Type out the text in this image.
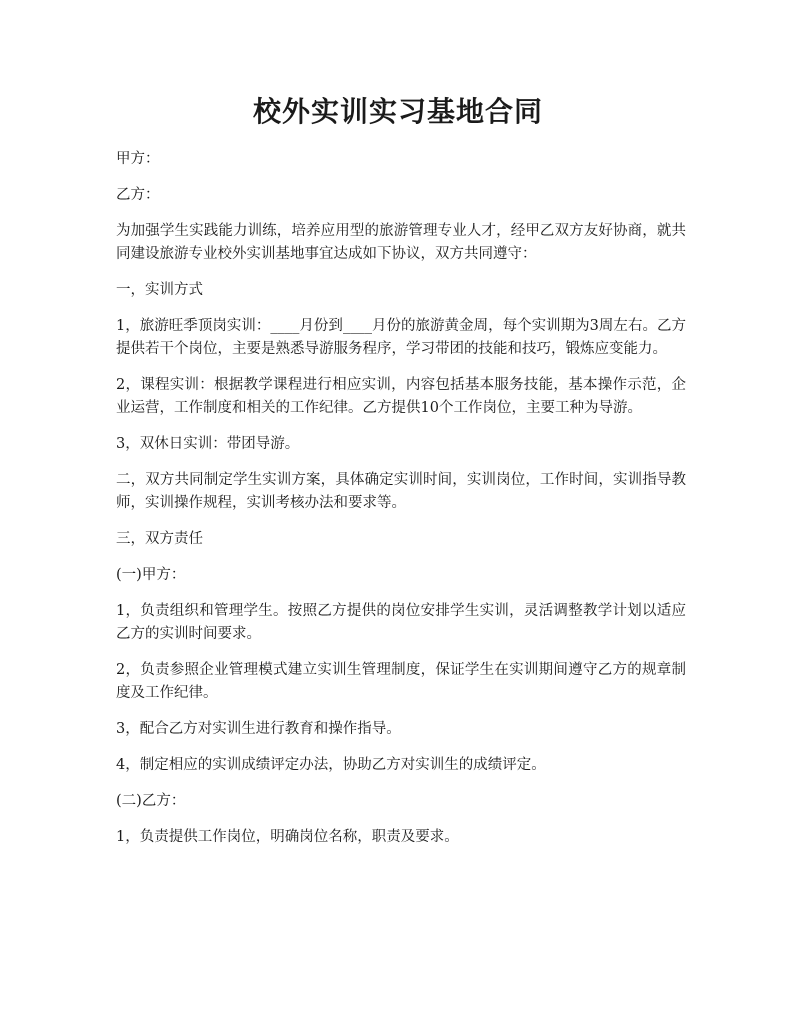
校外实训实习基地合同

甲方：

乙方：

为加强学生实践能力训练，培养应用型的旅游管理专业人才，经甲乙双方友好协商，就共同建设旅游专业校外实训基地事宜达成如下协议，双方共同遵守：

一，实训方式

1，旅游旺季顶岗实训：____月份到____月份的旅游黄金周，每个实训期为3周左右。乙方提供若干个岗位，主要是熟悉导游服务程序，学习带团的技能和技巧，锻炼应变能力。

2，课程实训：根据教学课程进行相应实训，内容包括基本服务技能，基本操作示范，企业运营，工作制度和相关的工作纪律。乙方提供10个工作岗位，主要工种为导游。

3，双休日实训：带团导游。

二，双方共同制定学生实训方案，具体确定实训时间，实训岗位，工作时间，实训指导教师，实训操作规程，实训考核办法和要求等。

三，双方责任

(一)甲方：

1，负责组织和管理学生。按照乙方提供的岗位安排学生实训，灵活调整教学计划以适应乙方的实训时间要求。

2，负责参照企业管理模式建立实训生管理制度，保证学生在实训期间遵守乙方的规章制度及工作纪律。

3，配合乙方对实训生进行教育和操作指导。

4，制定相应的实训成绩评定办法，协助乙方对实训生的成绩评定。

(二)乙方：

1，负责提供工作岗位，明确岗位名称，职责及要求。
